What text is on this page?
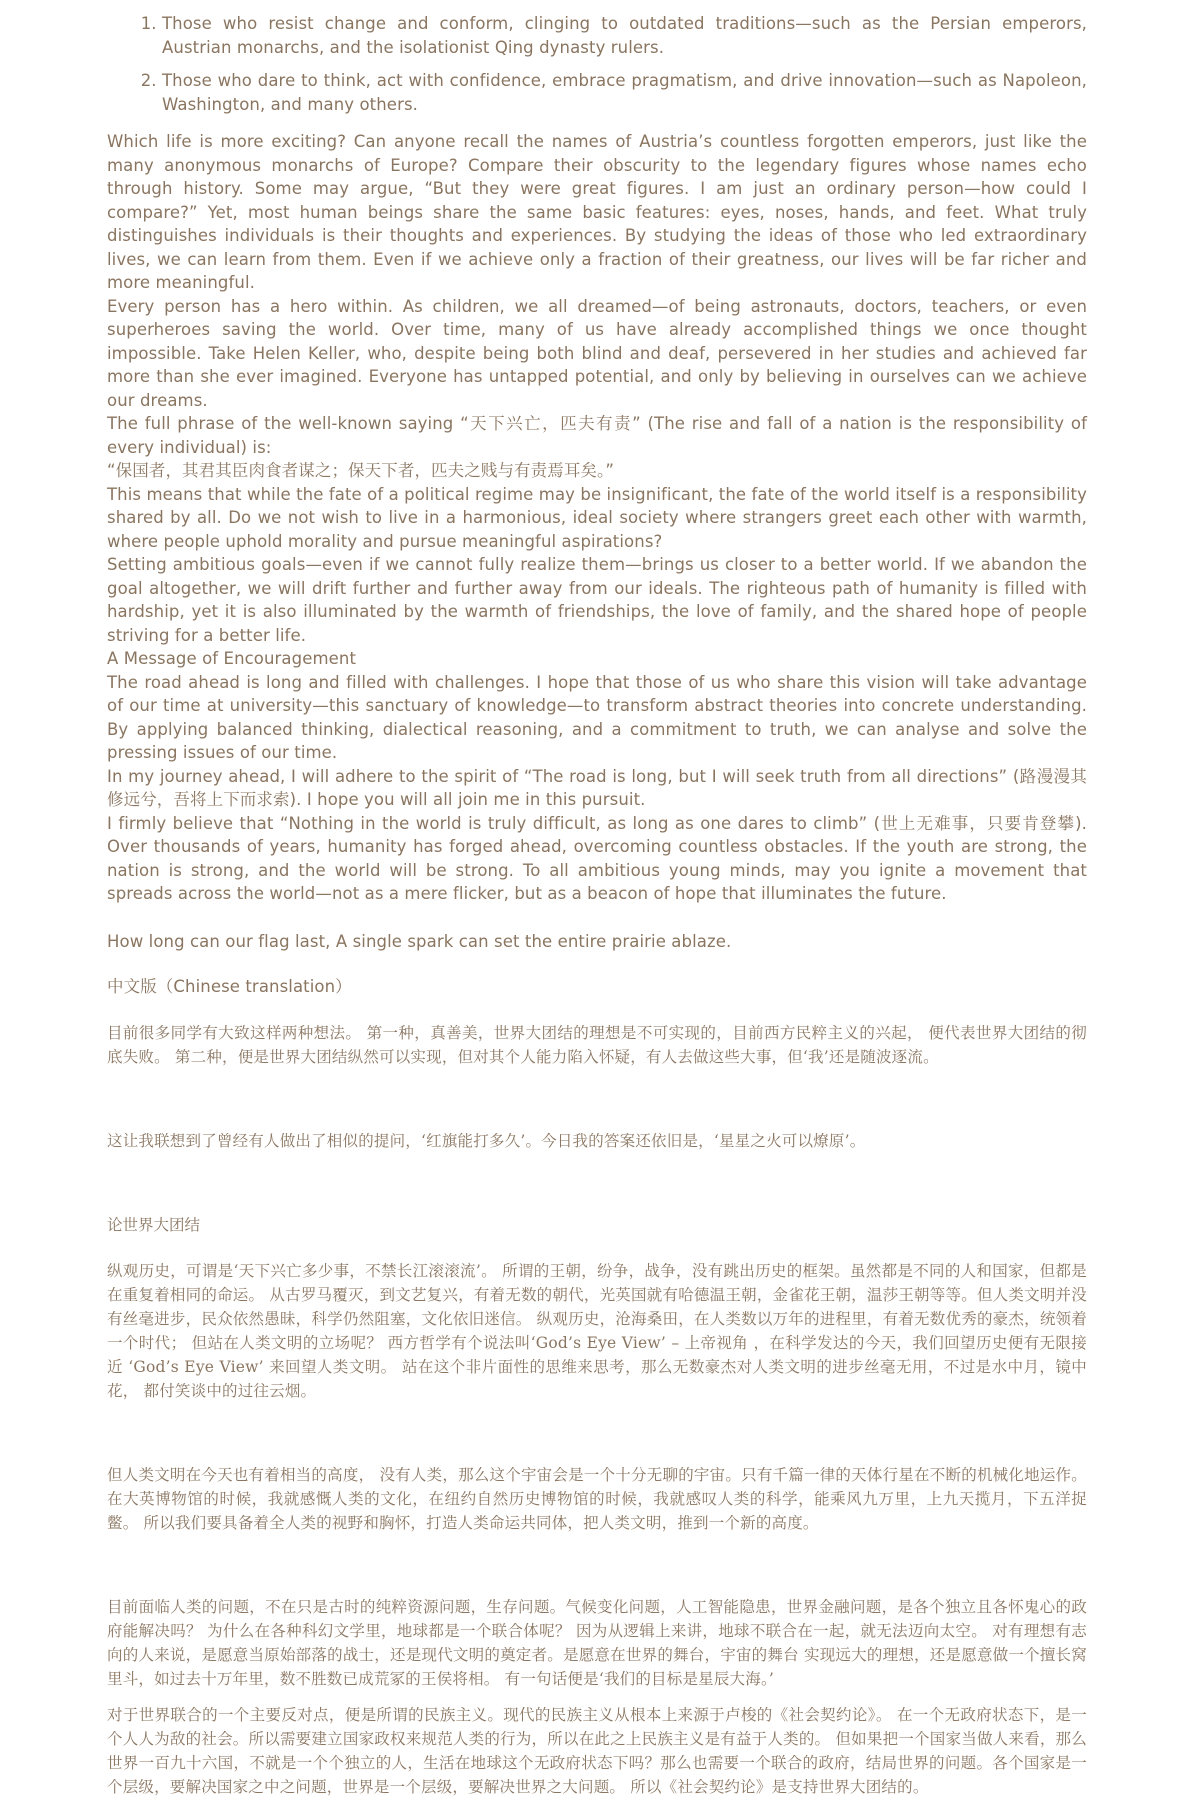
1. Those who resist change and conform, clinging to outdated traditions—such as the Persian emperors, Austrian monarchs, and the isolationist Qing dynasty rulers.
2. Those who dare to think, act with confidence, embrace pragmatism, and drive innovation—such as Napoleon, Washington, and many others.

Which life is more exciting? Can anyone recall the names of Austria’s countless forgotten emperors, just like the many anonymous monarchs of Europe? Compare their obscurity to the legendary figures whose names echo through history. Some may argue, “But they were great figures. I am just an ordinary person—how could I compare?” Yet, most human beings share the same basic features: eyes, noses, hands, and feet. What truly distinguishes individuals is their thoughts and experiences. By studying the ideas of those who led extraordinary lives, we can learn from them. Even if we achieve only a fraction of their greatness, our lives will be far richer and more meaningful.

Every person has a hero within. As children, we all dreamed—of being astronauts, doctors, teachers, or even superheroes saving the world. Over time, many of us have already accomplished things we once thought impossible. Take Helen Keller, who, despite being both blind and deaf, persevered in her studies and achieved far more than she ever imagined. Everyone has untapped potential, and only by believing in ourselves can we achieve our dreams.

The full phrase of the well-known saying “天下兴亡，匹夫有责” (The rise and fall of a nation is the responsibility of every individual) is:

“保国者，其君其臣肉食者谋之；保天下者，匹夫之贱与有责焉耳矣。”

This means that while the fate of a political regime may be insignificant, the fate of the world itself is a responsibility shared by all. Do we not wish to live in a harmonious, ideal society where strangers greet each other with warmth, where people uphold morality and pursue meaningful aspirations?

Setting ambitious goals—even if we cannot fully realize them—brings us closer to a better world. If we abandon the goal altogether, we will drift further and further away from our ideals. The righteous path of humanity is filled with hardship, yet it is also illuminated by the warmth of friendships, the love of family, and the shared hope of people striving for a better life.

A Message of Encouragement

The road ahead is long and filled with challenges. I hope that those of us who share this vision will take advantage of our time at university—this sanctuary of knowledge—to transform abstract theories into concrete understanding. By applying balanced thinking, dialectical reasoning, and a commitment to truth, we can analyse and solve the pressing issues of our time.

In my journey ahead, I will adhere to the spirit of “The road is long, but I will seek truth from all directions” (路漫漫其修远兮，吾将上下而求索). I hope you will all join me in this pursuit.

I firmly believe that “Nothing in the world is truly difficult, as long as one dares to climb” (世上无难事，只要肯登攀). Over thousands of years, humanity has forged ahead, overcoming countless obstacles. If the youth are strong, the nation is strong, and the world will be strong. To all ambitious young minds, may you ignite a movement that spreads across the world—not as a mere flicker, but as a beacon of hope that illuminates the future.

How long can our flag last, A single spark can set the entire prairie ablaze.

中文版（Chinese translation）

目前很多同学有大致这样两种想法。 第一种，真善美，世界大团结的理想是不可实现的，目前西方民粹主义的兴起， 便代表世界大团结的彻底失败。 第二种，便是世界大团结纵然可以实现，但对其个人能力陷入怀疑，有人去做这些大事，但‘我’还是随波逐流。

这让我联想到了曾经有人做出了相似的提问，‘红旗能打多久’。今日我的答案还依旧是，‘星星之火可以燎原’。

论世界大团结

纵观历史，可谓是‘天下兴亡多少事，不禁长江滚滚流’。 所谓的王朝，纷争，战争，没有跳出历史的框架。虽然都是不同的人和国家，但都是在重复着相同的命运。 从古罗马覆灭，到文艺复兴，有着无数的朝代，光英国就有哈德温王朝，金雀花王朝，温莎王朝等等。但人类文明并没有丝毫进步，民众依然愚昧，科学仍然阻塞，文化依旧迷信。 纵观历史，沧海桑田，在人类数以万年的进程里，有着无数优秀的豪杰，统领着一个时代； 但站在人类文明的立场呢？ 西方哲学有个说法叫‘God’s Eye View’ – 上帝视角 ，在科学发达的今天，我们回望历史便有无限接近 ‘God’s Eye View’ 来回望人类文明。 站在这个非片面性的思维来思考，那么无数豪杰对人类文明的进步丝毫无用，不过是水中月，镜中花， 都付笑谈中的过往云烟。

但人类文明在今天也有着相当的高度， 没有人类，那么这个宇宙会是一个十分无聊的宇宙。只有千篇一律的天体行星在不断的机械化地运作。 在大英博物馆的时候，我就感慨人类的文化，在纽约自然历史博物馆的时候，我就感叹人类的科学，能乘风九万里，上九天揽月，下五洋捉鳖。 所以我们要具备着全人类的视野和胸怀，打造人类命运共同体，把人类文明，推到一个新的高度。

目前面临人类的问题，不在只是古时的纯粹资源问题，生存问题。气候变化问题，人工智能隐患，世界金融问题，是各个独立且各怀鬼心的政府能解决吗？ 为什么在各种科幻文学里，地球都是一个联合体呢？ 因为从逻辑上来讲，地球不联合在一起，就无法迈向太空。 对有理想有志向的人来说，是愿意当原始部落的战士，还是现代文明的奠定者。是愿意在世界的舞台，宇宙的舞台 实现远大的理想，还是愿意做一个擅长窝里斗，如过去十万年里，数不胜数已成荒冢的王侯将相。 有一句话便是‘我们的目标是星辰大海。’

对于世界联合的一个主要反对点，便是所谓的民族主义。现代的民族主义从根本上来源于卢梭的《社会契约论》。 在一个无政府状态下，是一个人人为敌的社会。所以需要建立国家政权来规范人类的行为，所以在此之上民族主义是有益于人类的。 但如果把一个国家当做人来看，那么世界一百九十六国，不就是一个个独立的人，生活在地球这个无政府状态下吗？那么也需要一个联合的政府，结局世界的问题。各个国家是一个层级，要解决国家之中之问题，世界是一个层级，要解决世界之大问题。 所以《社会契约论》是支持世界大团结的。
